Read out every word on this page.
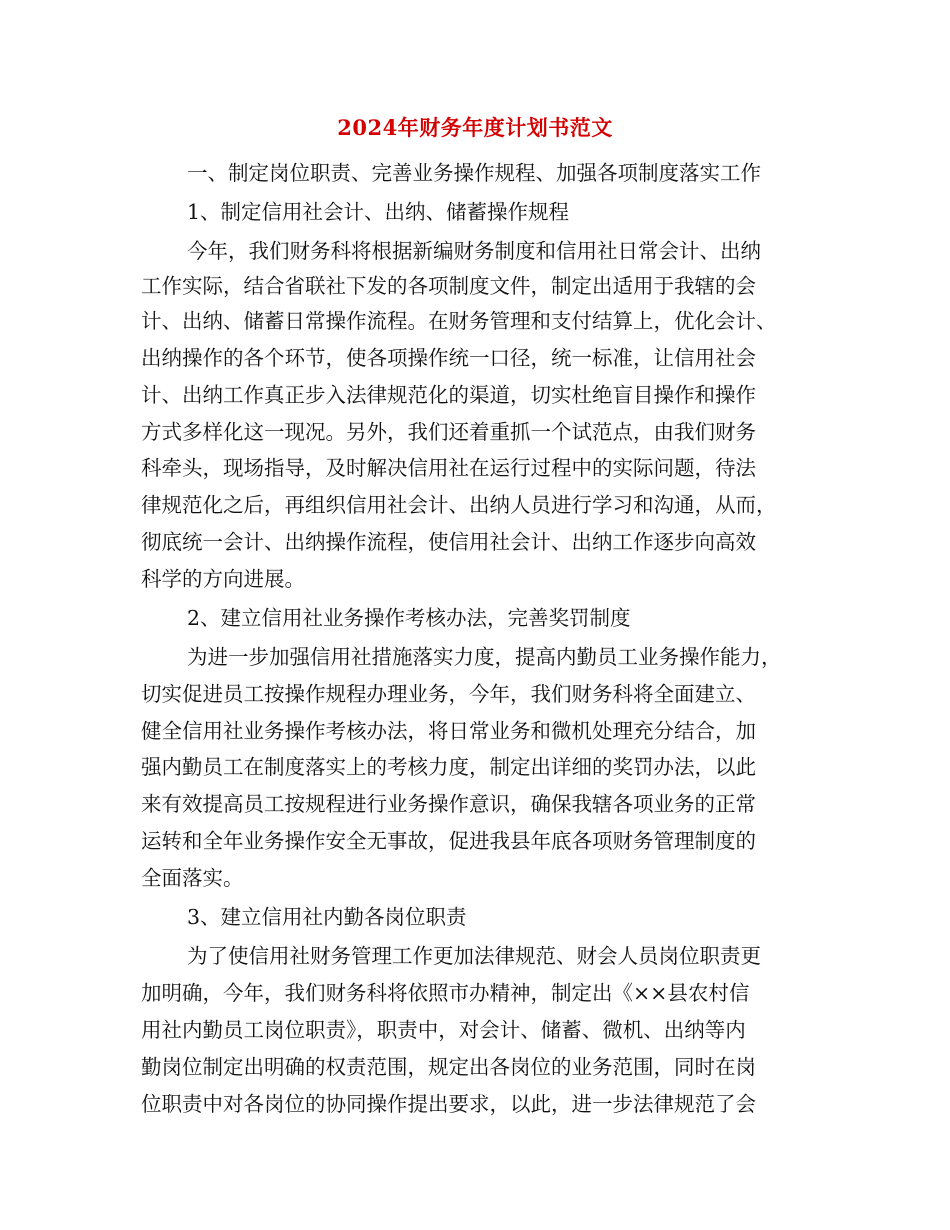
2024年财务年度计划书范文
一、制定岗位职责、完善业务操作规程、加强各项制度落实工作
1、制定信用社会计、出纳、储蓄操作规程
今年，我们财务科将根据新编财务制度和信用社日常会计、出纳
工作实际，结合省联社下发的各项制度文件，制定出适用于我辖的会
计、出纳、储蓄日常操作流程。在财务管理和支付结算上，优化会计、
出纳操作的各个环节，使各项操作统一口径，统一标准，让信用社会
计、出纳工作真正步入法律规范化的渠道，切实杜绝盲目操作和操作
方式多样化这一现况。另外，我们还着重抓一个试范点，由我们财务
科牵头，现场指导，及时解决信用社在运行过程中的实际问题，待法
律规范化之后，再组织信用社会计、出纳人员进行学习和沟通，从而，
彻底统一会计、出纳操作流程，使信用社会计、出纳工作逐步向高效
科学的方向进展。
2、建立信用社业务操作考核办法，完善奖罚制度
为进一步加强信用社措施落实力度，提高内勤员工业务操作能力，
切实促进员工按操作规程办理业务，今年，我们财务科将全面建立、
健全信用社业务操作考核办法，将日常业务和微机处理充分结合，加
强内勤员工在制度落实上的考核力度，制定出详细的奖罚办法，以此
来有效提高员工按规程进行业务操作意识，确保我辖各项业务的正常
运转和全年业务操作安全无事故，促进我县年底各项财务管理制度的
全面落实。
3、建立信用社内勤各岗位职责
为了使信用社财务管理工作更加法律规范、财会人员岗位职责更
加明确，今年，我们财务科将依照市办精神，制定出《××县农村信
用社内勤员工岗位职责》，职责中，对会计、储蓄、微机、出纳等内
勤岗位制定出明确的权责范围，规定出各岗位的业务范围，同时在岗
位职责中对各岗位的协同操作提出要求，以此，进一步法律规范了会
